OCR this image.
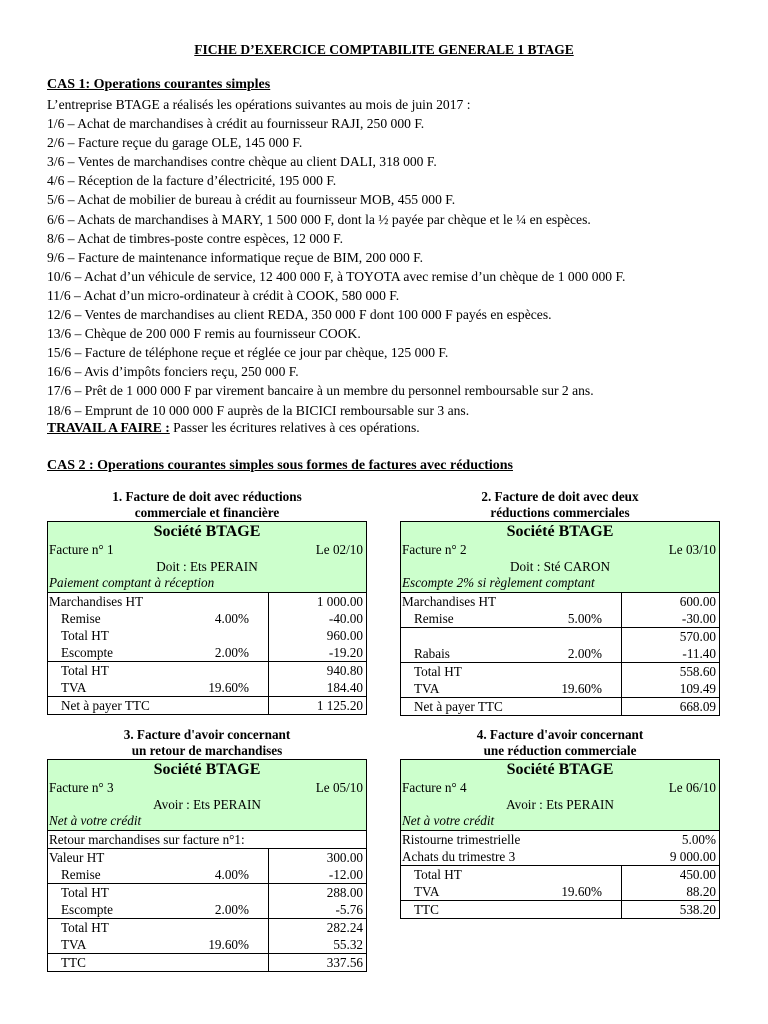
FICHE D’EXERCICE COMPTABILITE GENERALE 1 BTAGE
CAS 1: Operations courantes simples
L’entreprise BTAGE a réalisés les opérations suivantes au mois de juin 2017 :
1/6 – Achat de marchandises à crédit au fournisseur RAJI, 250 000 F.
2/6 – Facture reçue du garage OLE, 145 000 F.
3/6 – Ventes de marchandises contre chèque au client DALI, 318 000 F.
4/6 – Réception de la facture d’électricité, 195 000 F.
5/6 – Achat de mobilier de bureau à crédit au fournisseur MOB, 455 000 F.
6/6 – Achats de marchandises à MARY, 1 500 000 F, dont la ½ payée par chèque et le ¼ en espèces.
8/6 – Achat de timbres-poste contre espèces, 12 000 F.
9/6 – Facture de maintenance informatique reçue de BIM, 200 000 F.
10/6 – Achat d’un véhicule de service, 12 400 000 F, à TOYOTA avec remise d’un chèque de 1 000 000 F.
11/6 – Achat d’un micro-ordinateur à crédit à COOK, 580 000 F.
12/6 – Ventes de marchandises au client REDA, 350 000 F dont 100 000 F payés en espèces.
13/6 – Chèque de 200 000 F remis au fournisseur COOK.
15/6 – Facture de téléphone reçue et réglée ce jour par chèque, 125 000 F.
16/6 – Avis d’impôts fonciers reçu, 250 000 F.
17/6 – Prêt de 1 000 000 F par virement bancaire à un membre du personnel remboursable sur 2 ans.
18/6 – Emprunt de 10 000 000 F auprès de la BICICI remboursable sur 3 ans.
TRAVAIL A FAIRE : Passer les écritures relatives à ces opérations.
CAS 2 : Operations courantes simples sous formes de factures avec réductions
1. Facture de doit avec réductions
commerciale et financière
Société BTAGE
Facture n° 1	Le 02/10
Doit : Ets PERAIN
Paiement comptant à réception
Marchandises HT	1 000.00
Remise	4.00%	-40.00
Total HT	960.00
Escompte	2.00%	-19.20
Total HT	940.80
TVA	19.60%	184.40
Net à payer TTC	1 125.20
2. Facture de doit avec deux
réductions commerciales
Société BTAGE
Facture n° 2	Le 03/10
Doit : Sté CARON
Escompte 2% si règlement comptant
Marchandises HT	600.00
Remise	5.00%	-30.00
570.00
Rabais	2.00%	-11.40
Total HT	558.60
TVA	19.60%	109.49
Net à payer TTC	668.09
3. Facture d'avoir concernant
un retour de marchandises
Société BTAGE
Facture n° 3	Le 05/10
Avoir : Ets PERAIN
Net à votre crédit
Retour marchandises sur facture n°1:
Valeur HT	300.00
Remise	4.00%	-12.00
Total HT	288.00
Escompte	2.00%	-5.76
Total HT	282.24
TVA	19.60%	55.32
TTC	337.56
4. Facture d'avoir concernant
une réduction commerciale
Société BTAGE
Facture n° 4	Le 06/10
Avoir : Ets PERAIN
Net à votre crédit
Ristourne trimestrielle	5.00%
Achats du trimestre 3	9 000.00
Total HT	450.00
TVA	19.60%	88.20
TTC	538.20
